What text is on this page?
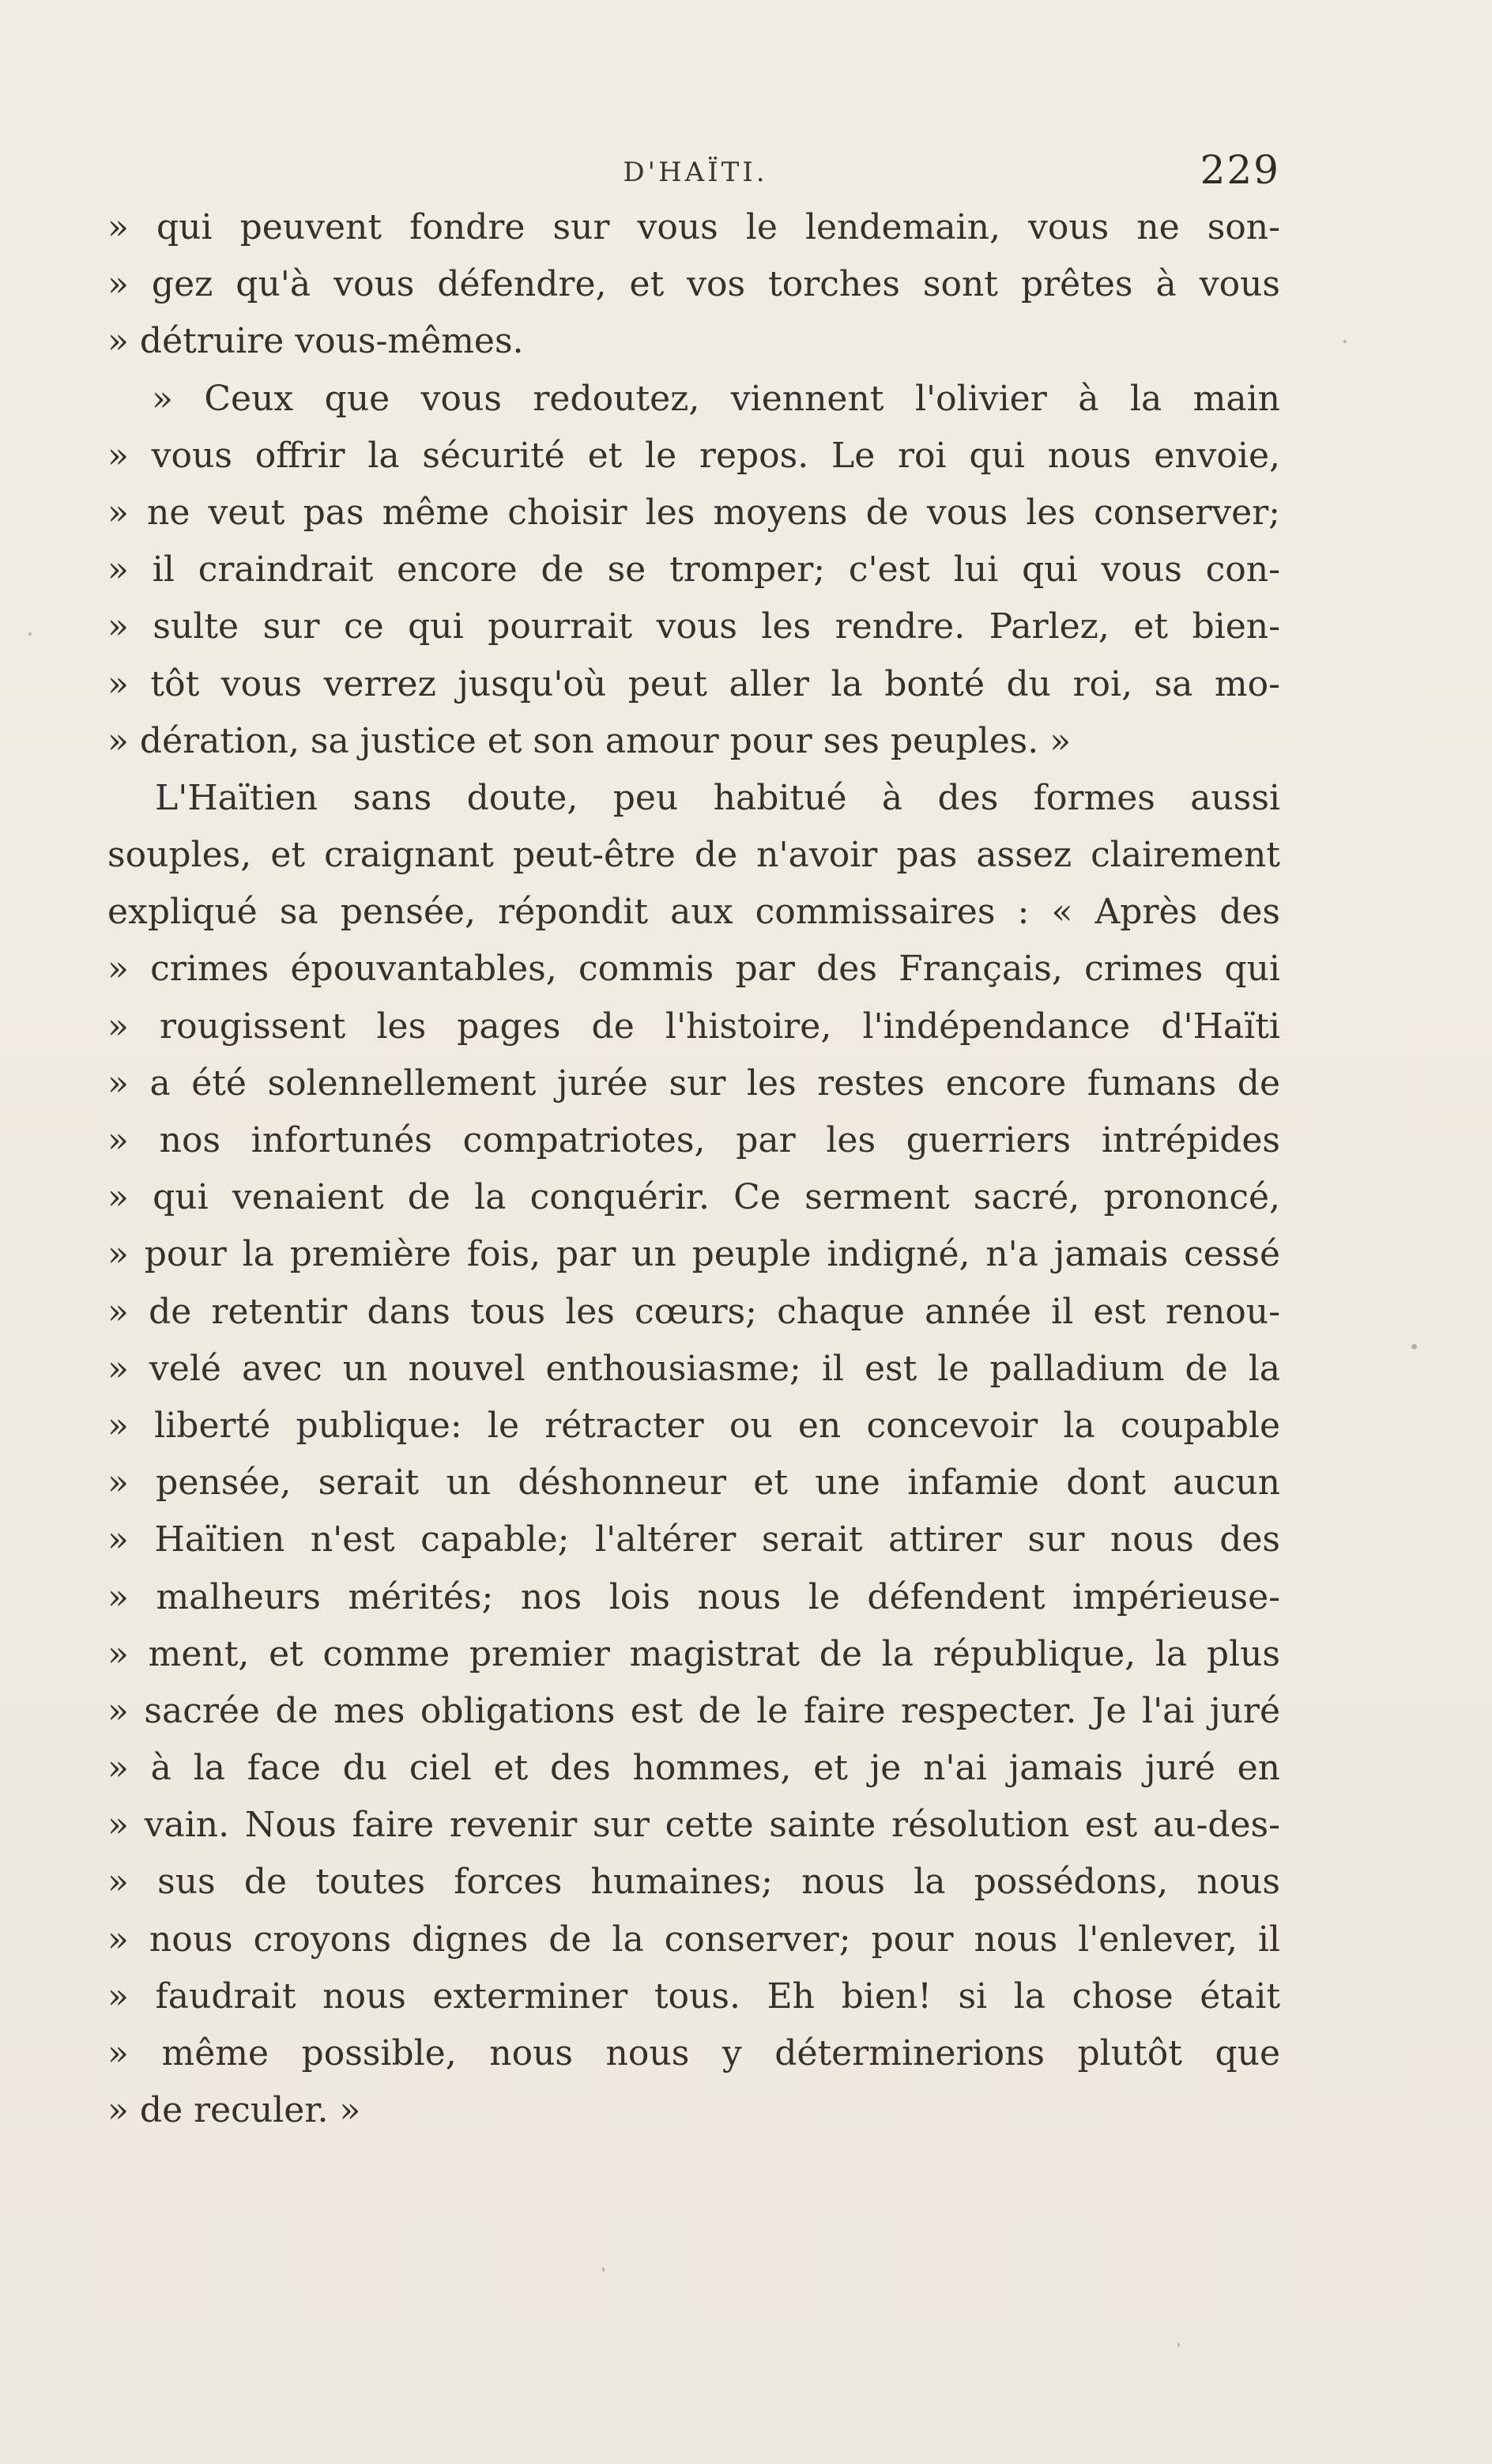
D'HAÏTI.	229
» qui peuvent fondre sur vous le lendemain, vous ne son-
» gez qu'à vous défendre, et vos torches sont prêtes à vous
» détruire vous-mêmes.
» Ceux que vous redoutez, viennent l'olivier à la main
» vous offrir la sécurité et le repos. Le roi qui nous envoie,
» ne veut pas même choisir les moyens de vous les conserver;
» il craindrait encore de se tromper; c'est lui qui vous con-
» sulte sur ce qui pourrait vous les rendre. Parlez, et bien-
» tôt vous verrez jusqu'où peut aller la bonté du roi, sa mo-
» dération, sa justice et son amour pour ses peuples. »
L'Haïtien sans doute, peu habitué à des formes aussi
souples, et craignant peut-être de n'avoir pas assez clairement
expliqué sa pensée, répondit aux commissaires : « Après des
» crimes épouvantables, commis par des Français, crimes qui
» rougissent les pages de l'histoire, l'indépendance d'Haïti
» a été solennellement jurée sur les restes encore fumans de
» nos infortunés compatriotes, par les guerriers intrépides
» qui venaient de la conquérir. Ce serment sacré, prononcé,
» pour la première fois, par un peuple indigné, n'a jamais cessé
» de retentir dans tous les cœurs; chaque année il est renou-
» velé avec un nouvel enthousiasme; il est le palladium de la
» liberté publique: le rétracter ou en concevoir la coupable
» pensée, serait un déshonneur et une infamie dont aucun
» Haïtien n'est capable; l'altérer serait attirer sur nous des
» malheurs mérités; nos lois nous le défendent impérieuse-
» ment, et comme premier magistrat de la république, la plus
» sacrée de mes obligations est de le faire respecter. Je l'ai juré
» à la face du ciel et des hommes, et je n'ai jamais juré en
» vain. Nous faire revenir sur cette sainte résolution est au-des-
» sus de toutes forces humaines; nous la possédons, nous
» nous croyons dignes de la conserver; pour nous l'enlever, il
» faudrait nous exterminer tous. Eh bien! si la chose était
» même possible, nous nous y déterminerions plutôt que
» de reculer. »
